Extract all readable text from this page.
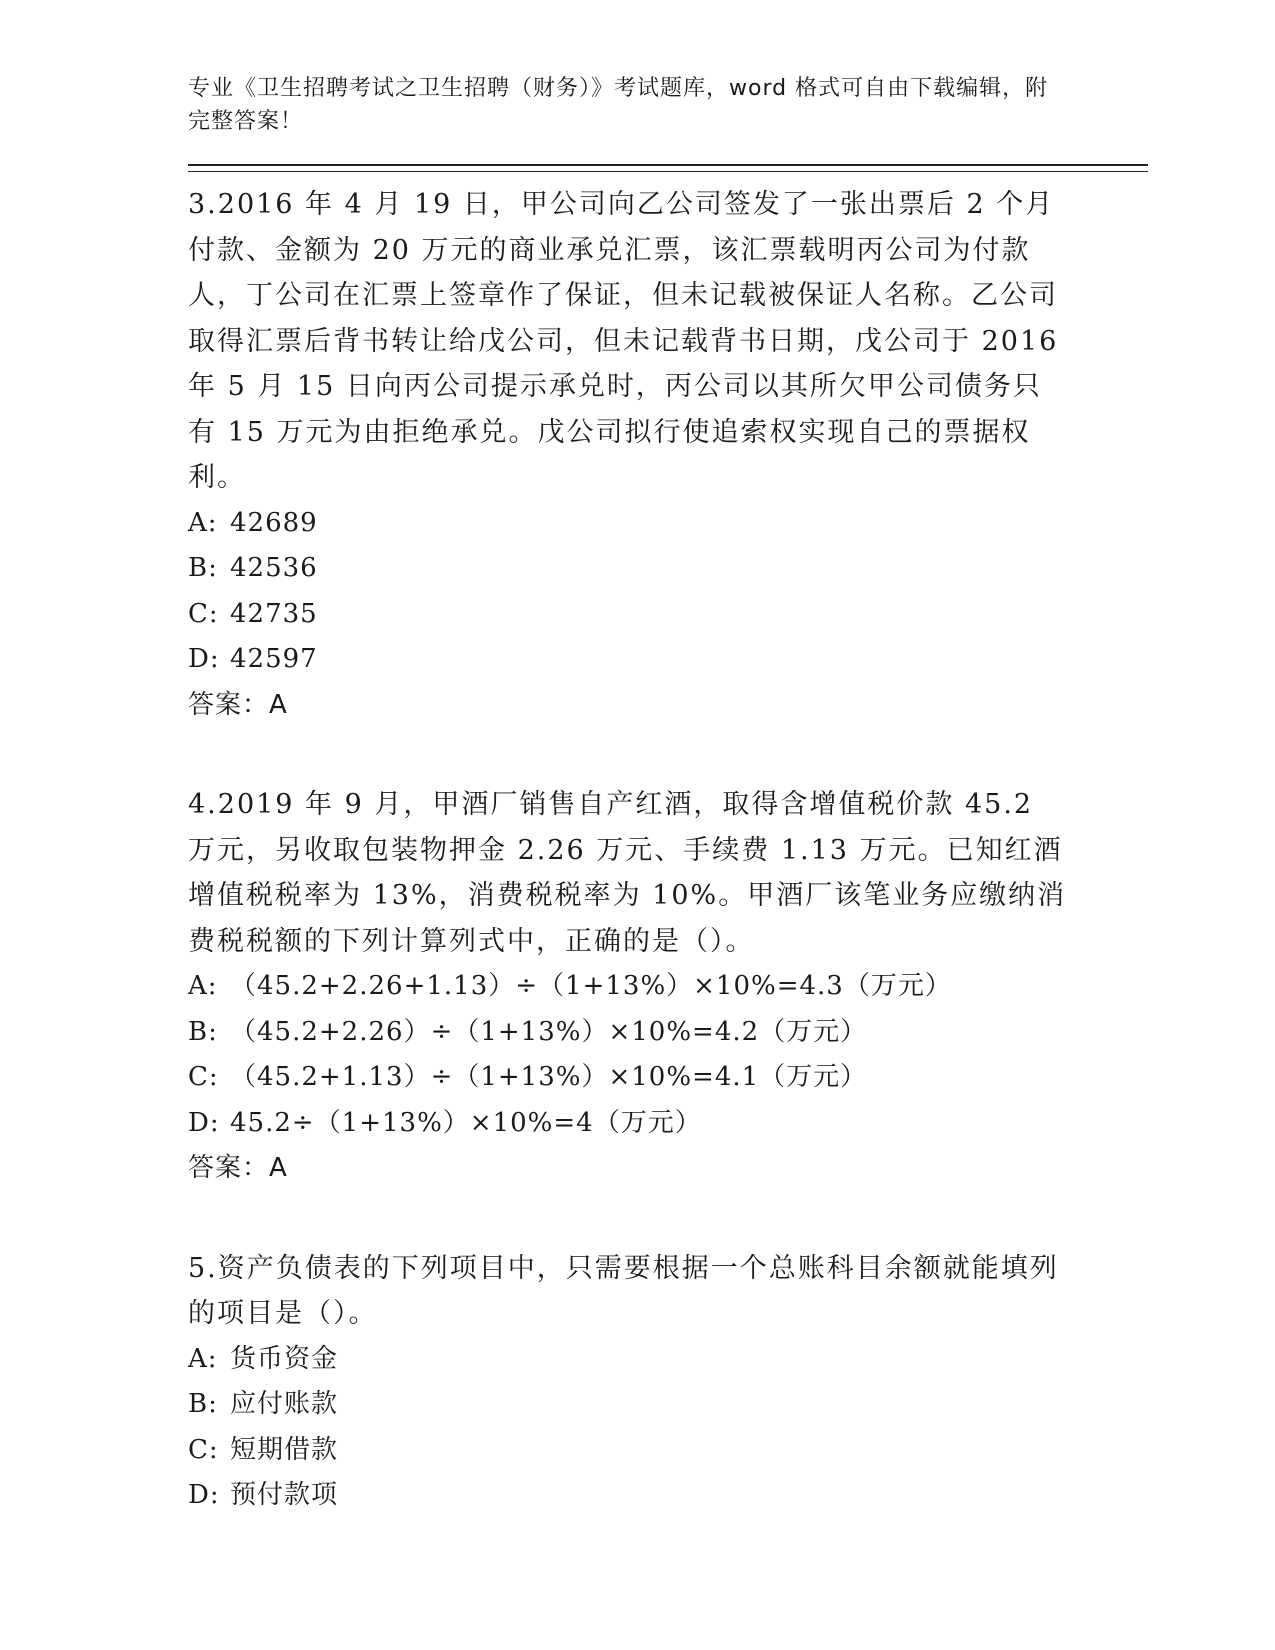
专业《卫生招聘考试之卫生招聘（财务）》考试题库，word 格式可自由下载编辑，附完整答案！
3.2016 年 4 月 19 日，甲公司向乙公司签发了一张出票后 2 个月付款、金额为 20 万元的商业承兑汇票，该汇票载明丙公司为付款人，丁公司在汇票上签章作了保证，但未记载被保证人名称。乙公司取得汇票后背书转让给戊公司，但未记载背书日期，戊公司于 2016 年 5 月 15 日向丙公司提示承兑时，丙公司以其所欠甲公司债务只有 15 万元为由拒绝承兑。戊公司拟行使追索权实现自己的票据权利。
A: 42689
B: 42536
C: 42735
D: 42597
答案：A
4.2019 年 9 月，甲酒厂销售自产红酒，取得含增值税价款 45.2 万元，另收取包装物押金 2.26 万元、手续费 1.13 万元。已知红酒增值税税率为 13%，消费税税率为 10%。甲酒厂该笔业务应缴纳消费税税额的下列计算列式中，正确的是（）。
A: （45.2+2.26+1.13）÷（1+13%）×10%=4.3（万元）
B: （45.2+2.26）÷（1+13%）×10%=4.2（万元）
C: （45.2+1.13）÷（1+13%）×10%=4.1（万元）
D: 45.2÷（1+13%）×10%=4（万元）
答案：A
5.资产负债表的下列项目中，只需要根据一个总账科目余额就能填列的项目是（）。
A: 货币资金
B: 应付账款
C: 短期借款
D: 预付款项
